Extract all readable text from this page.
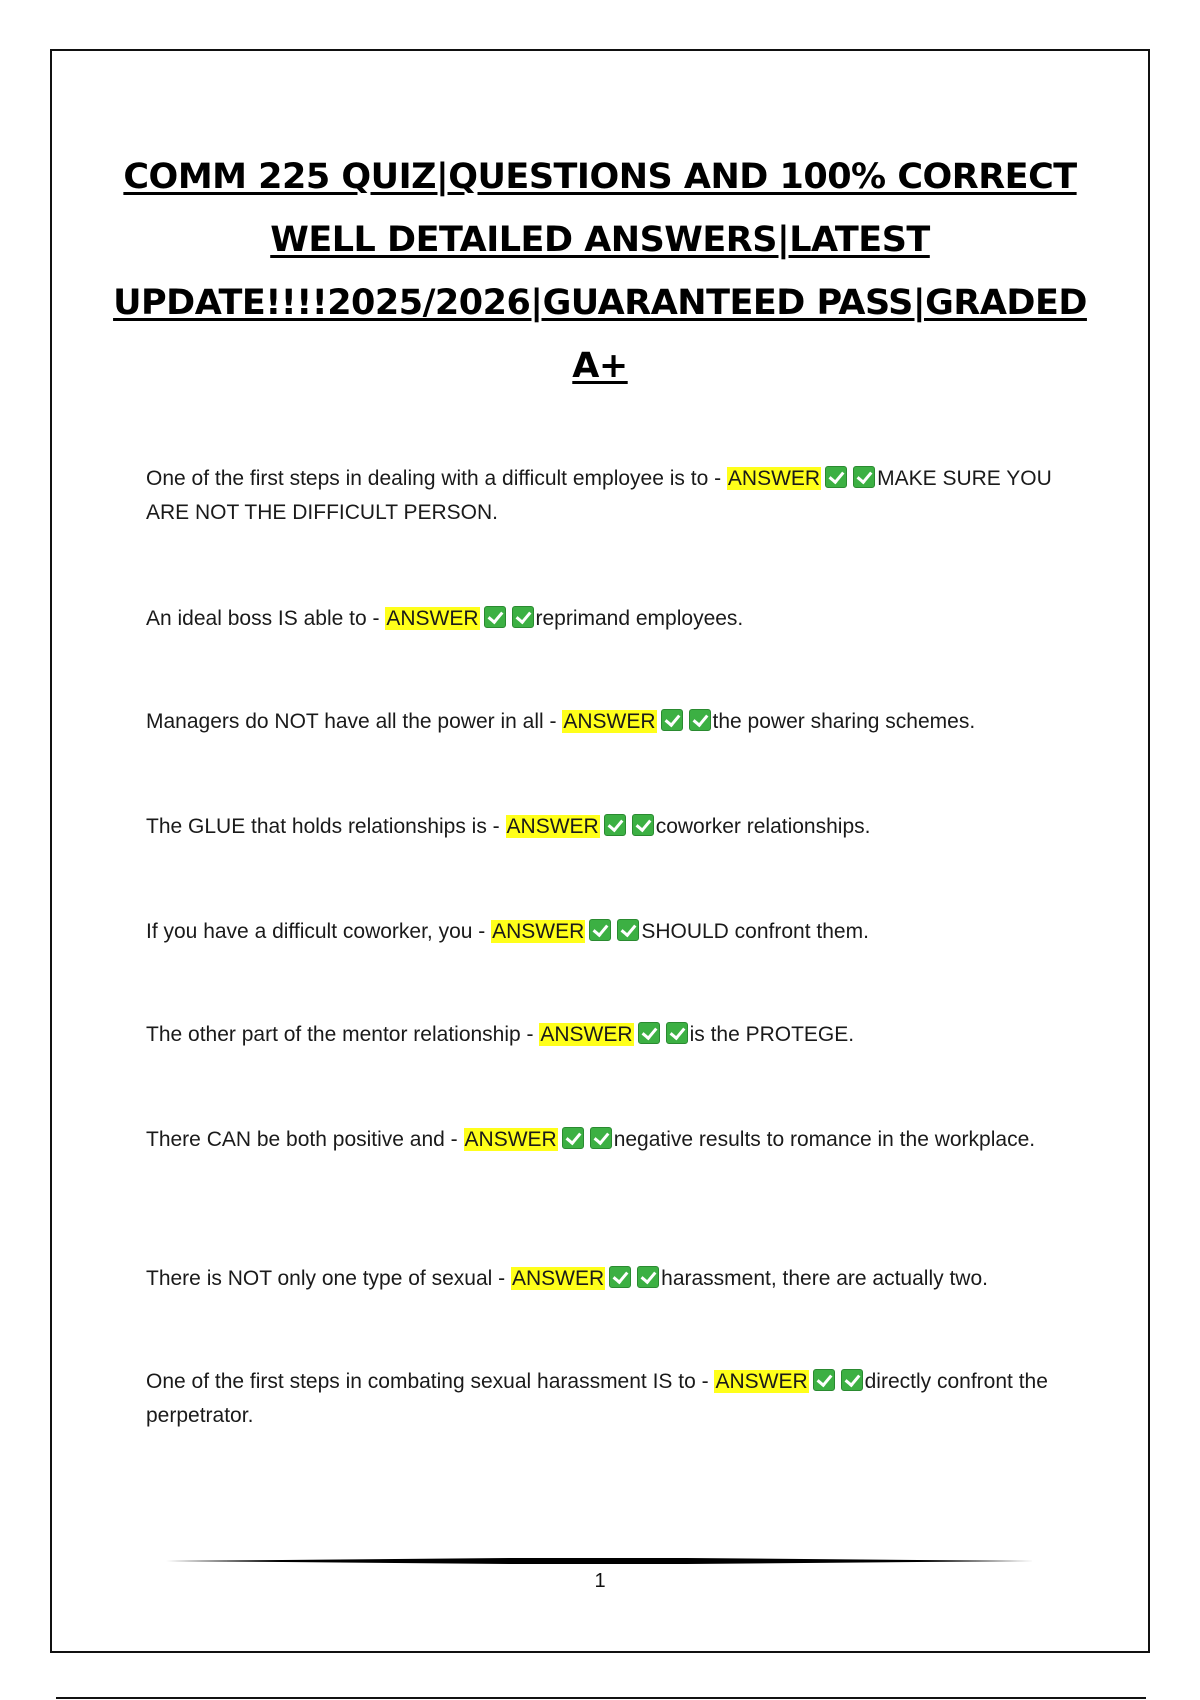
COMM 225 QUIZ|QUESTIONS AND 100% CORRECT WELL DETAILED ANSWERS|LATEST UPDATE!!!!2025/2026|GUARANTEED PASS|GRADED A+

One of the first steps in dealing with a difficult employee is to - ANSWER	MAKE SURE YOU ARE NOT THE DIFFICULT PERSON.

An ideal boss IS able to - ANSWER	reprimand employees.

Managers do NOT have all the power in all - ANSWER	the power sharing schemes.

The GLUE that holds relationships is - ANSWER	coworker relationships.

If you have a difficult coworker, you - ANSWER	SHOULD confront them.

The other part of the mentor relationship - ANSWER	is the PROTEGE.

There CAN be both positive and - ANSWER	negative results to romance in the workplace.

There is NOT only one type of sexual - ANSWER	harassment, there are actually two.

One of the first steps in combating sexual harassment IS to - ANSWER	directly confront the perpetrator.

1
